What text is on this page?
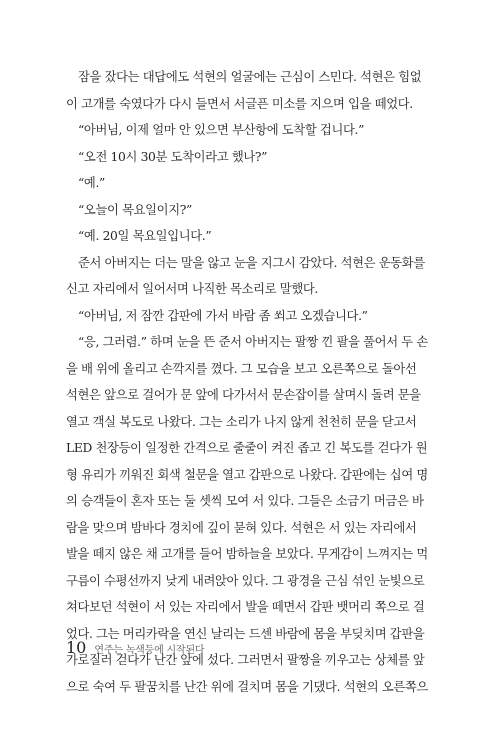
잠을 잤다는 대답에도 석현의 얼굴에는 근심이 스민다. 석현은 힘없
이 고개를 숙였다가 다시 들면서 서글픈 미소를 지으며 입을 떼었다.
“아버님, 이제 얼마 안 있으면 부산항에 도착할 겁니다.”
“오전 10시 30분 도착이라고 했나?”
“예.”
“오늘이 목요일이지?”
“예. 20일 목요일입니다.”
준서 아버지는 더는 말을 않고 눈을 지그시 감았다. 석현은 운동화를
신고 자리에서 일어서며 나직한 목소리로 말했다.
“아버님, 저 잠깐 갑판에 가서 바람 좀 쐬고 오겠습니다.”
“응, 그러렴.” 하며 눈을 뜬 준서 아버지는 팔짱 낀 팔을 풀어서 두 손
을 배 위에 올리고 손깍지를 꼈다. 그 모습을 보고 오른쪽으로 돌아선
석현은 앞으로 걸어가 문 앞에 다가서서 문손잡이를 살며시 돌려 문을
열고 객실 복도로 나왔다. 그는 소리가 나지 않게 천천히 문을 닫고서
LED 천장등이 일정한 간격으로 줄줄이 켜진 좁고 긴 복도를 걷다가 원
형 유리가 끼워진 회색 철문을 열고 갑판으로 나왔다. 갑판에는 십여 명
의 승객들이 혼자 또는 둘 셋씩 모여 서 있다. 그들은 소금기 머금은 바
람을 맞으며 밤바다 경치에 깊이 묻혀 있다. 석현은 서 있는 자리에서
발을 떼지 않은 채 고개를 들어 밤하늘을 보았다. 무게감이 느껴지는 먹
구름이 수평선까지 낮게 내려앉아 있다. 그 광경을 근심 섞인 눈빛으로
쳐다보던 석현이 서 있는 자리에서 발을 떼면서 갑판 뱃머리 쪽으로 걸
었다. 그는 머리카락을 연신 날리는 드센 바람에 몸을 부딪치며 갑판을
가로질러 걷다가 난간 앞에 섰다. 그러면서 팔짱을 끼우고는 상체를 앞
으로 숙여 두 팔꿈치를 난간 위에 걸치며 몸을 기댔다. 석현의 오른쪽으
10 연주는 녹색등에 시작된다
